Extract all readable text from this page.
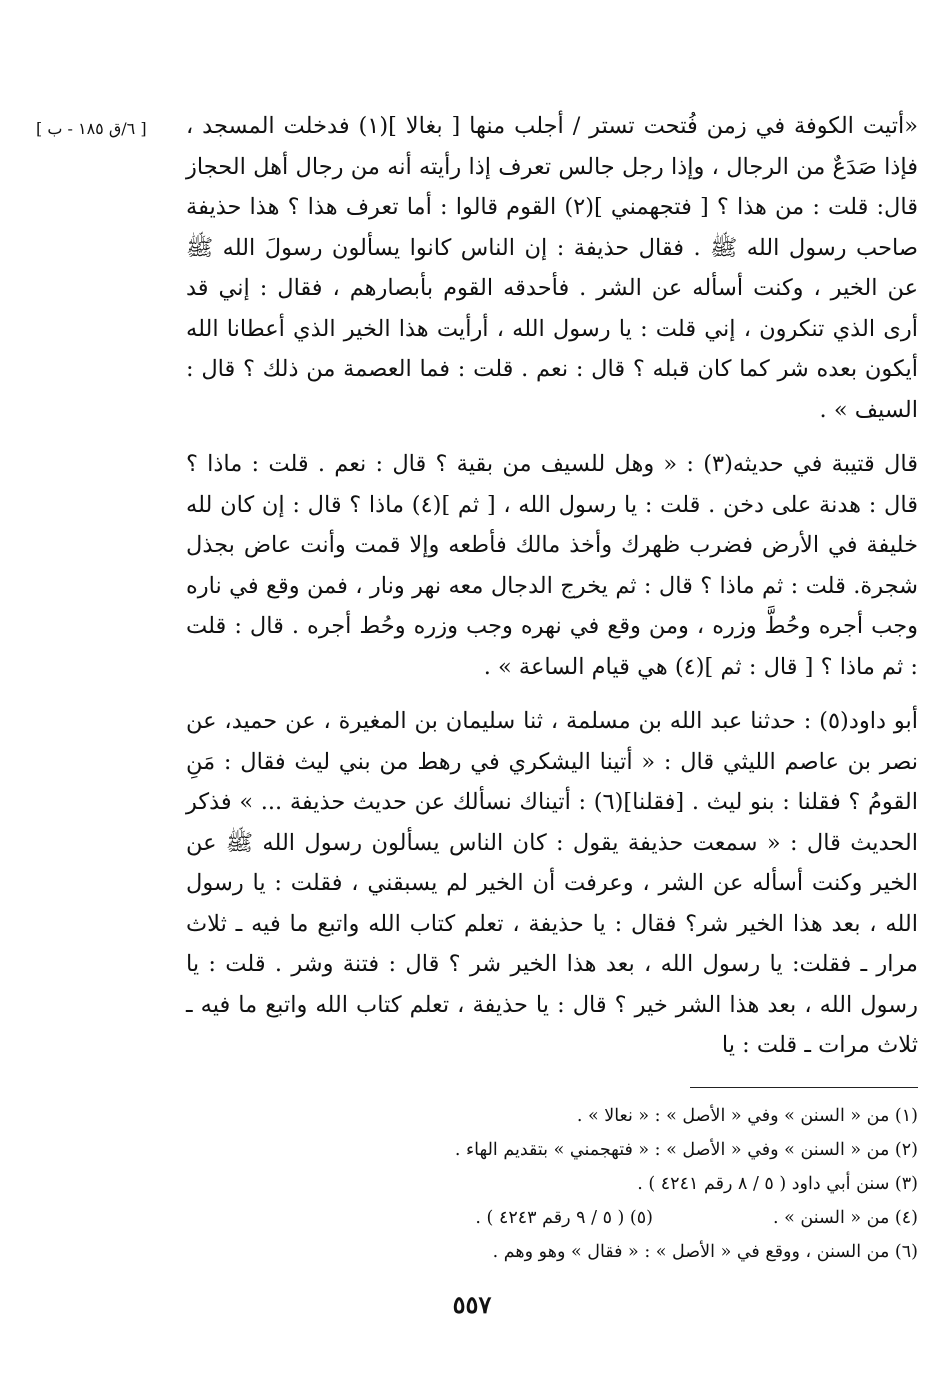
[ ٦/ق ١٨٥ - ب ] «أتيت الكوفة في زمن فُتحت تستر / أجلب منها [ بغالا ](١) فدخلت المسجد ، فإذا صَدَعٌ من الرجال ، وإذا رجل جالس تعرف إذا رأيته أنه من رجال أهل الحجاز قال: قلت : من هذا ؟ [ فتجهمني ](٢) القوم قالوا : أما تعرف هذا ؟ هذا حذيفة صاحب رسول الله ﷺ . فقال حذيفة : إن الناس كانوا يسألون رسولَ الله ﷺ عن الخير ، وكنت أسأله عن الشر . فأحدقه القوم بأبصارهم ، فقال : إني قد أرى الذي تنكرون ، إني قلت : يا رسول الله ، أرأيت هذا الخير الذي أعطانا الله أيكون بعده شر كما كان قبله ؟ قال : نعم . قلت : فما العصمة من ذلك ؟ قال : السيف » .

قال قتيبة في حديثه(٣) : « وهل للسيف من بقية ؟ قال : نعم . قلت : ماذا ؟ قال : هدنة على دخن . قلت : يا رسول الله ، [ ثم ](٤) ماذا ؟ قال : إن كان لله خليفة في الأرض فضرب ظهرك وأخذ مالك فأطعه وإلا قمت وأنت عاض بجذل شجرة. قلت : ثم ماذا ؟ قال : ثم يخرج الدجال معه نهر ونار ، فمن وقع في ناره وجب أجره وحُطَّ وزره ، ومن وقع في نهره وجب وزره وحُط أجره . قال : قلت : ثم ماذا ؟ [ قال : ثم ](٤) هي قيام الساعة » .

أبو داود(٥) : حدثنا عبد الله بن مسلمة ، ثنا سليمان بن المغيرة ، عن حميد، عن نصر بن عاصم الليثي قال : « أتينا اليشكري في رهط من بني ليث فقال : مَنِ القومُ ؟ فقلنا : بنو ليث . [فقلنا](٦) : أتيناك نسألك عن حديث حذيفة ... » فذكر الحديث قال : « سمعت حذيفة يقول : كان الناس يسألون رسول الله ﷺ عن الخير وكنت أسأله عن الشر ، وعرفت أن الخير لم يسبقني ، فقلت : يا رسول الله ، بعد هذا الخير شر؟ فقال : يا حذيفة ، تعلم كتاب الله واتبع ما فيه ـ ثلاث مرار ـ فقلت: يا رسول الله ، بعد هذا الخير شر ؟ قال : فتنة وشر . قلت : يا رسول الله ، بعد هذا الشر خير ؟ قال : يا حذيفة ، تعلم كتاب الله واتبع ما فيه ـ ثلاث مرات ـ قلت : يا

(١) من « السنن » وفي « الأصل » : « نعالا » .

(٢) من « السنن » وفي « الأصل » : « فتهجمني » بتقديم الهاء .

(٣) سنن أبي داود ( ٥ / ٨ رقم ٤٢٤١ ) .

(٤) من « السنن » .
(٥) ( ٥ / ٩ رقم ٤٢٤٣ ) .

(٦) من السنن ، ووقع في « الأصل » : « فقال » وهو وهم .

٥٥٧
